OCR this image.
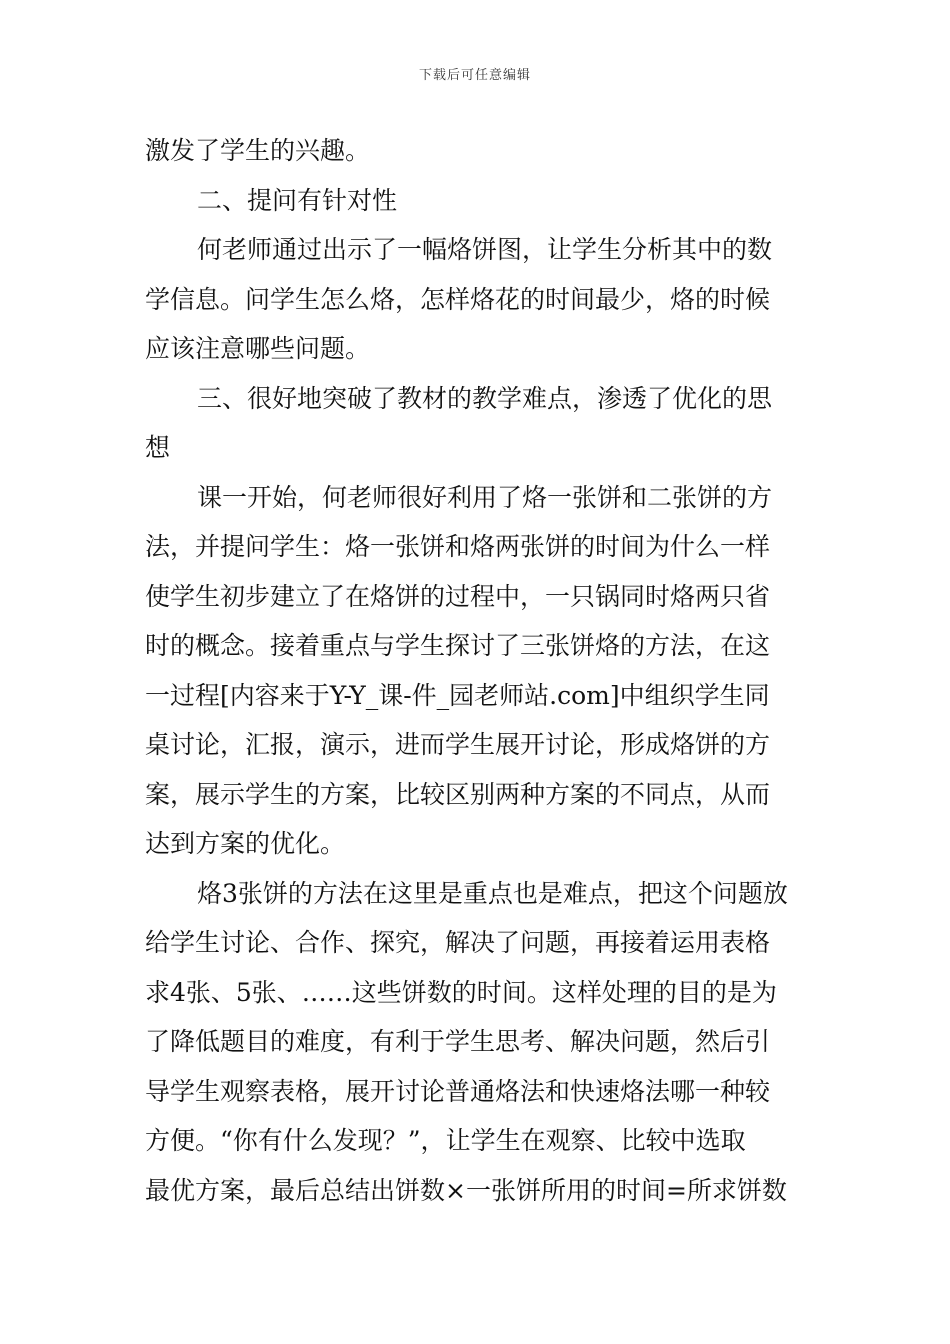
下载后可任意编辑
激发了学生的兴趣。
二、提问有针对性
何老师通过出示了一幅烙饼图，让学生分析其中的数
学信息。问学生怎么烙，怎样烙花的时间最少，烙的时候
应该注意哪些问题。
三、很好地突破了教材的教学难点，渗透了优化的思
想
课一开始，何老师很好利用了烙一张饼和二张饼的方
法，并提问学生：烙一张饼和烙两张饼的时间为什么一样
使学生初步建立了在烙饼的过程中，一只锅同时烙两只省
时的概念。接着重点与学生探讨了三张饼烙的方法，在这
一过程[内容来于Y-Y_课-件_园老师站.com]中组织学生同
桌讨论，汇报，演示，进而学生展开讨论，形成烙饼的方
案，展示学生的方案，比较区别两种方案的不同点，从而
达到方案的优化。
烙3张饼的方法在这里是重点也是难点，把这个问题放
给学生讨论、合作、探究，解决了问题，再接着运用表格
求4张、5张、……这些饼数的时间。这样处理的目的是为
了降低题目的难度，有利于学生思考、解决问题，然后引
导学生观察表格，展开讨论普通烙法和快速烙法哪一种较
方便。“你有什么发现？”，让学生在观察、比较中选取
最优方案，最后总结出饼数×一张饼所用的时间=所求饼数
